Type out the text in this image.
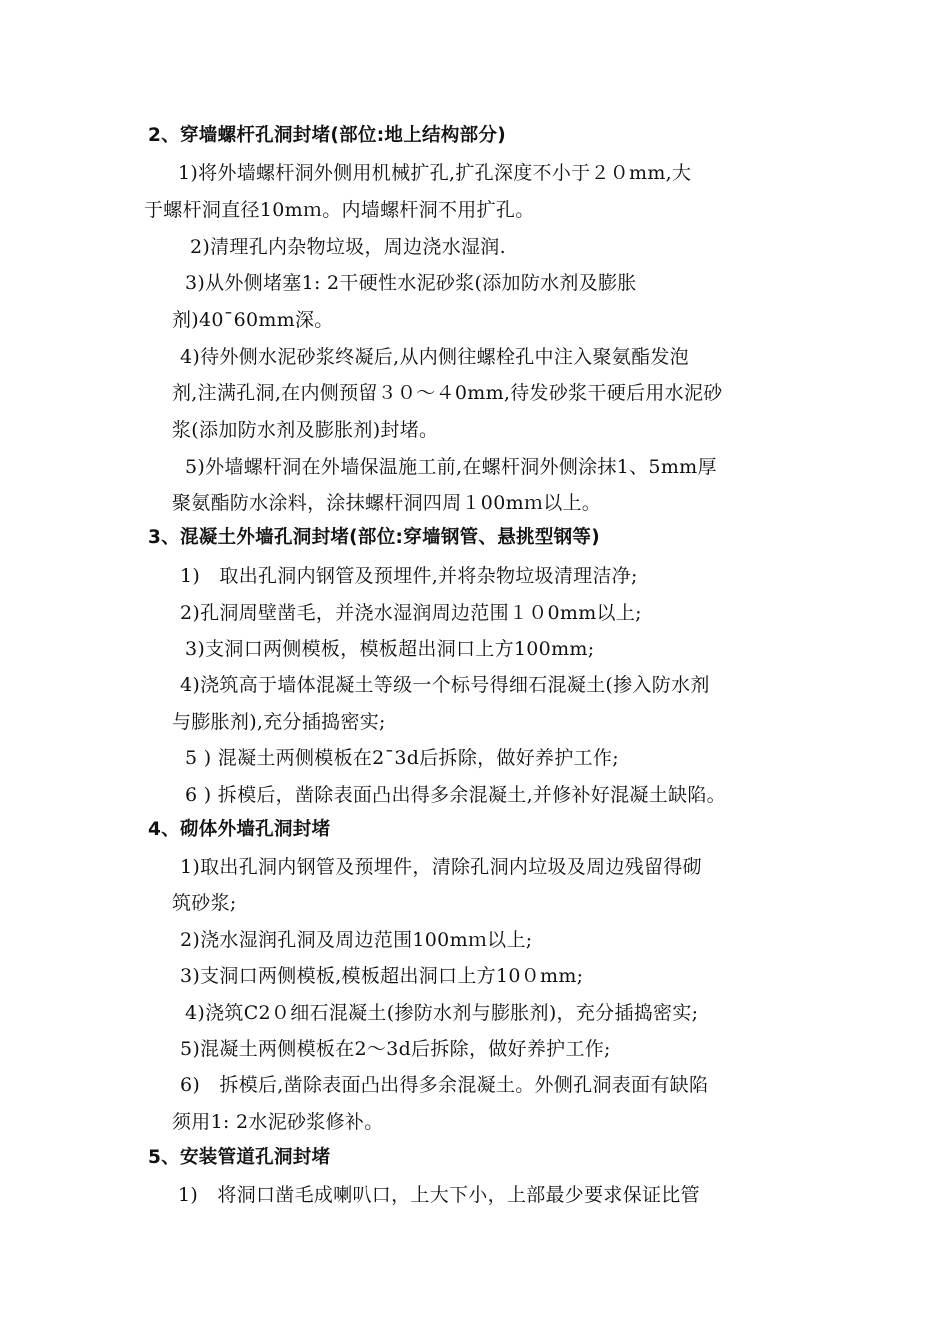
2、穿墙螺杆孔洞封堵(部位:地上结构部分)
1)将外墙螺杆洞外侧用机械扩孔,扩孔深度不小于２０mm,大
于螺杆洞直径10mｍ。内墙螺杆洞不用扩孔。
2)清理孔内杂物垃圾，周边浇水湿润.
3)从外侧堵塞1: 2干硬性水泥砂浆(添加防水剂及膨胀
剂)40¯60mm深。
4)待外侧水泥砂浆终凝后,从内侧往螺栓孔中注入聚氨酯发泡
剂,注满孔洞,在内侧预留３０～４0mm,待发砂浆干硬后用水泥砂
浆(添加防水剂及膨胀剂)封堵。
5)外墙螺杆洞在外墙保温施工前,在螺杆洞外侧涂抹1、5mm厚
聚氨酯防水涂料，涂抹螺杆洞四周１00mｍ以上。
3、混凝土外墙孔洞封堵(部位:穿墙钢管、悬挑型钢等)
1)　取出孔洞内钢管及预埋件,并将杂物垃圾清理洁净;
2)孔洞周壁凿毛，并浇水湿润周边范围１０0mm以上;
3)支洞口两侧模板，模板超出洞口上方100mm;
4)浇筑高于墙体混凝土等级一个标号得细石混凝土(掺入防水剂
与膨胀剂),充分插捣密实;
5 ) 混凝土两侧模板在2¯3d后拆除，做好养护工作;
6 ) 拆模后，凿除表面凸出得多余混凝土,并修补好混凝土缺陷。
4、砌体外墙孔洞封堵
1)取出孔洞内钢管及预埋件，清除孔洞内垃圾及周边残留得砌
筑砂浆;
2)浇水湿润孔洞及周边范围100mｍ以上;
3)支洞口两侧模板,模板超出洞口上方10０mm;
4)浇筑C2０细石混凝土(掺防水剂与膨胀剂)，充分插捣密实;
5)混凝土两侧模板在2～3d后拆除，做好养护工作;
6)　拆模后,凿除表面凸出得多余混凝土。外侧孔洞表面有缺陷
须用1: 2水泥砂浆修补。
5、安装管道孔洞封堵
1)　将洞口凿毛成喇叭口，上大下小，上部最少要求保证比管
